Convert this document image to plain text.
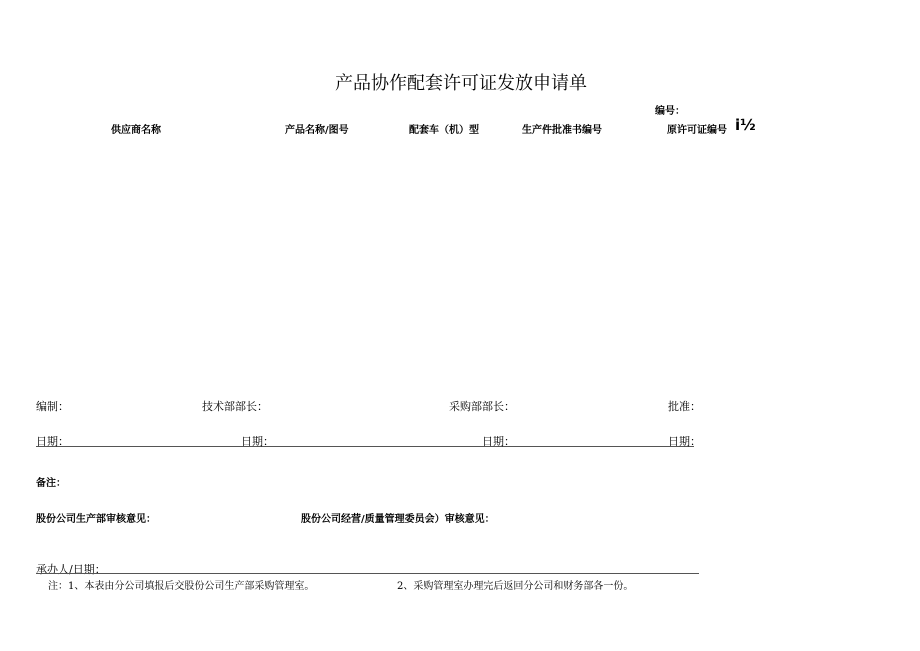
产品协作配套许可证发放申请单
编号：
供应商名称	产品名称/图号	配套车（机）型	生产件批准书编号	原许可证编号 i½
编制：	技术部部长：	采购部部长：	批准：
日期：	日期：	日期：	日期：
备注：
股份公司生产部审核意见：	股份公司经营/质量管理委员会）审核意见：
承办人/日期：
注：1、本表由分公司填报后交股份公司生产部采购管理室。	2、采购管理室办理完后返回分公司和财务部各一份。
